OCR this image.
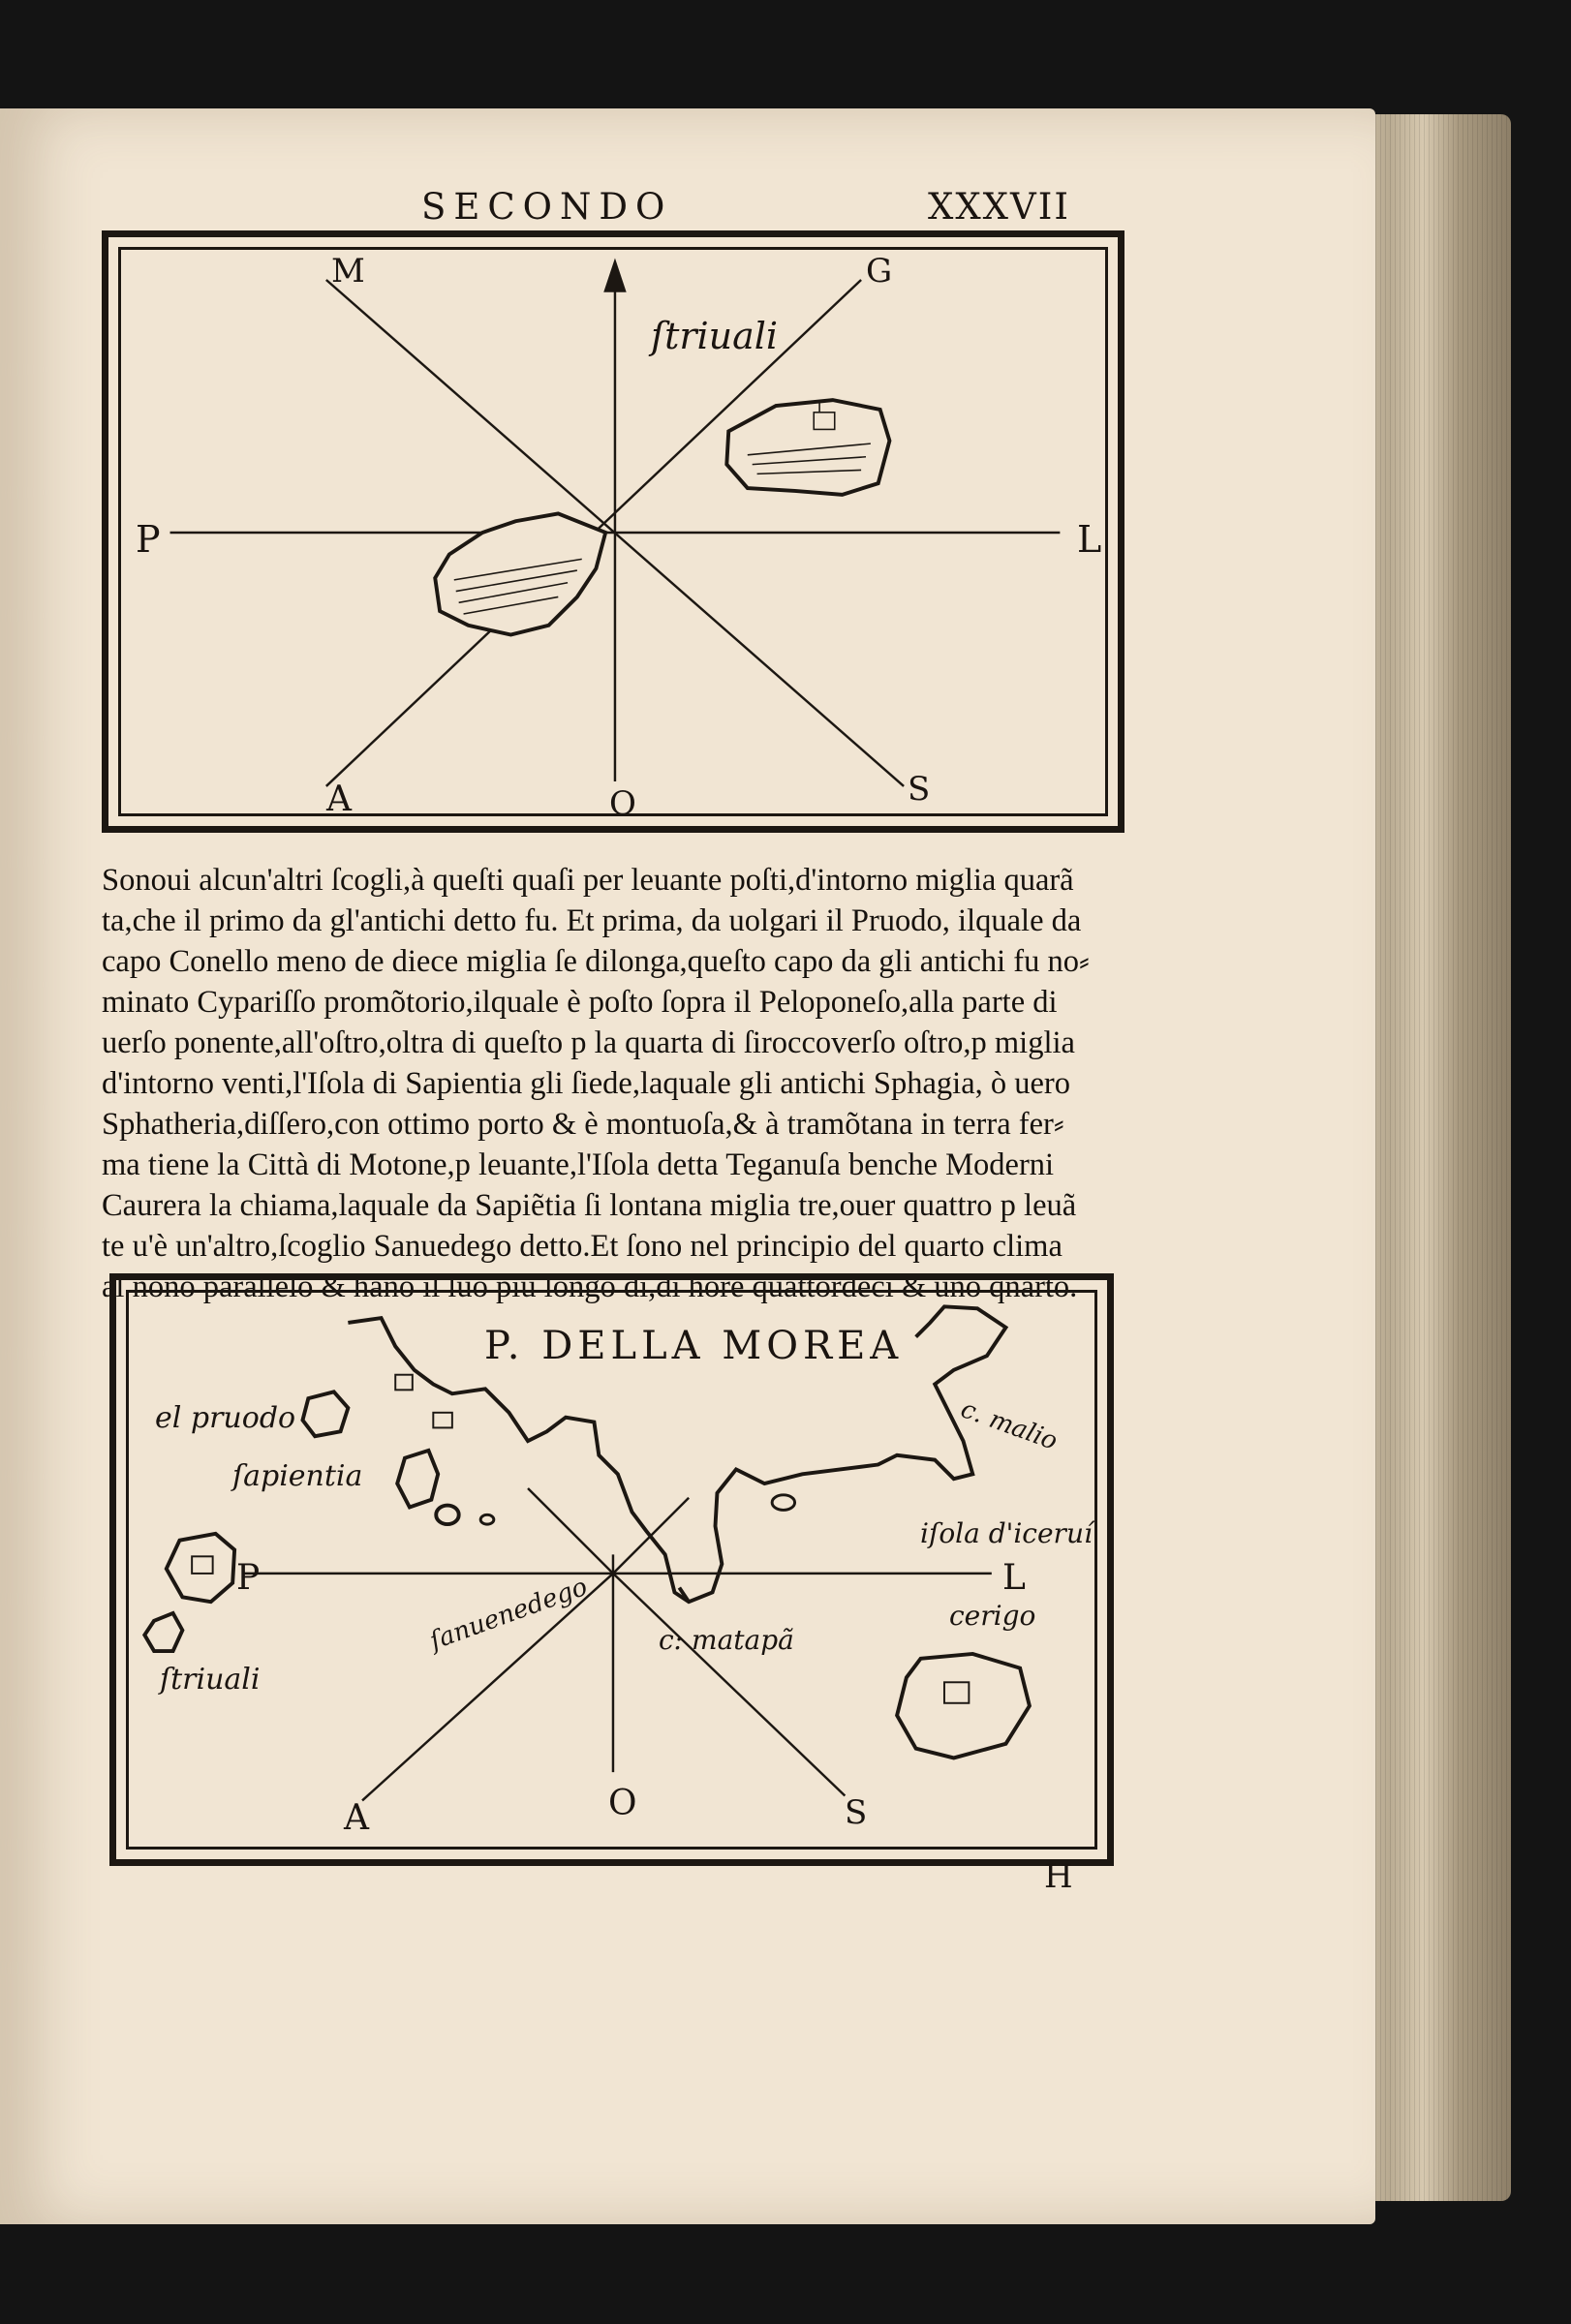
SECONDO	XXXVII
ſtriuali
M	G
P	L
A	O	S
Sonoui alcun'altri ſcogli,à queſti quaſi per leuante poſti,d'intorno miglia quarã
ta,che il primo da gl'antichi detto fu. Et prima, da uolgari il Pruodo, ilquale da
capo Conello meno de diece miglia ſe dilonga,queſto capo da gli antichi fu no⸗
minato Cypariſſo promõtorio,ilquale è poſto ſopra il Peloponeſo,alla parte di
uerſo ponente,all'oſtro,oltra di queſto p la quarta di ſiroccoverſo oſtro,p miglia
d'intorno venti,l'Iſola di Sapientia gli ſiede,laquale gli antichi Sphagia, ò uero
Sphatheria,diſſero,con ottimo porto & è montuoſa,& à tramõtana in terra fer⸗
ma tiene la Città di Motone,p leuante,l'Iſola detta Teganuſa benche Moderni
Caurera la chiama,laquale da Sapiẽtia ſi lontana miglia tre,ouer quattro p leuã
te u'è un'altro,ſcoglio Sanuedego detto.Et ſono nel principio del quarto clima
al nono parallelo & hãno il ſuo piu longo di,di hore quattordeci & uno qnarto.
P. DELLA MOREA
el pruodo
ſapientia
ſtriuali
ſanuenedego c: matapã
c. malio
iſola d'iceruí
cerigo
P	L
A	O	S
H
